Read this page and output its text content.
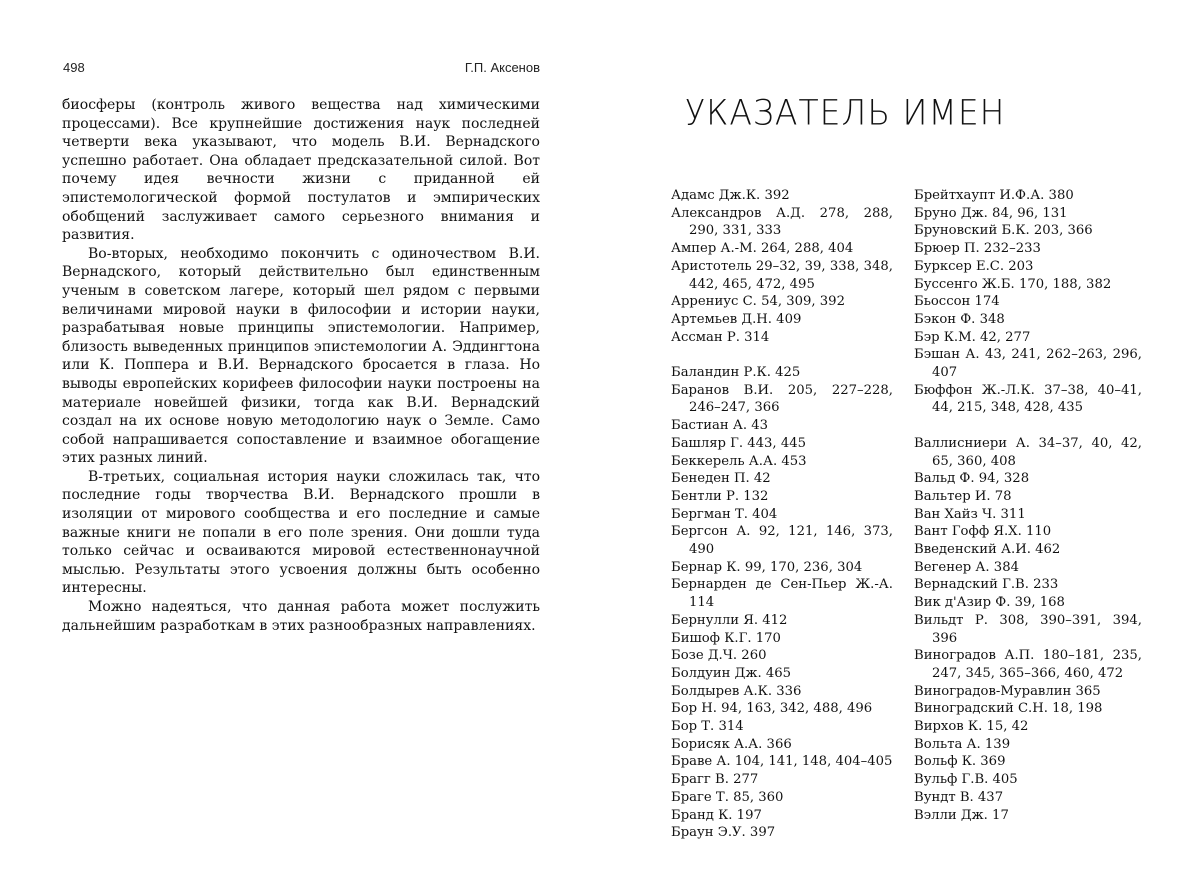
498	Г.П. Аксенов

биосферы (контроль живого вещества над химическими процессами). Все крупнейшие достижения наук последней четверти века указывают, что модель В.И. Вернадского успешно работает. Она обладает предсказательной силой. Вот почему идея вечности жизни с приданной ей эпистемологической формой постулатов и эмпирических обобщений заслуживает самого серьезного внимания и развития.

Во-вторых, необходимо покончить с одиночеством В.И. Вернадского, который действительно был единственным ученым в советском лагере, который шел рядом с первыми величинами мировой науки в философии и истории науки, разрабатывая новые принципы эпистемологии. Например, близость выведенных принципов эпистемологии А. Эддингтона или К. Поппера и В.И. Вернадского бросается в глаза. Но выводы европейских корифеев философии науки построены на материале новейшей физики, тогда как В.И. Вернадский создал на их основе новую методологию наук о Земле. Само собой напрашивается сопоставление и взаимное обогащение этих разных линий.

В-третьих, социальная история науки сложилась так, что последние годы творчества В.И. Вернадского прошли в изоляции от мирового сообщества и его последние и самые важные книги не попали в его поле зрения. Они дошли туда только сейчас и осваиваются мировой естественнонаучной мыслью. Результаты этого усвоения должны быть особенно интересны.

Можно надеяться, что данная работа может послужить дальнейшим разработкам в этих разнообразных направлениях.

УКАЗАТЕЛЬ ИМЕН
Адамс Дж.К. 392
Александров А.Д. 278, 288, 290, 331, 333
Ампер А.-М. 264, 288, 404
Аристотель 29–32, 39, 338, 348, 442, 465, 472, 495
Аррениус С. 54, 309, 392
Артемьев Д.Н. 409
Ассман Р. 314
Баландин Р.К. 425
Баранов В.И. 205, 227–228, 246–247, 366
Бастиан А. 43
Башляр Г. 443, 445
Беккерель А.А. 453
Бенеден П. 42
Бентли Р. 132
Бергман Т. 404
Бергсон А. 92, 121, 146, 373, 490
Бернар К. 99, 170, 236, 304
Бернарден де Сен-Пьер Ж.-А. 114
Бернулли Я. 412
Бишоф К.Г. 170
Бозе Д.Ч. 260
Болдуин Дж. 465
Болдырев А.К. 336
Бор Н. 94, 163, 342, 488, 496
Бор Т. 314
Борисяк А.А. 366
Браве А. 104, 141, 148, 404–405
Брагг В. 277
Браге Т. 85, 360
Бранд К. 197
Браун Э.У. 397
Брейтхаупт И.Ф.А. 380
Бруно Дж. 84, 96, 131
Бруновский Б.К. 203, 366
Брюер П. 232–233
Бурксер Е.С. 203
Буссенго Ж.Б. 170, 188, 382
Бьоссон 174
Бэкон Ф. 348
Бэр К.М. 42, 277
Бэшан А. 43, 241, 262–263, 296, 407
Бюффон Ж.-Л.К. 37–38, 40–41, 44, 215, 348, 428, 435
Валлисниери А. 34–37, 40, 42, 65, 360, 408
Вальд Ф. 94, 328
Вальтер И. 78
Ван Хайз Ч. 311
Вант Гофф Я.Х. 110
Введенский А.И. 462
Вегенер А. 384
Вернадский Г.В. 233
Вик д'Азир Ф. 39, 168
Вильдт Р. 308, 390–391, 394, 396
Виноградов А.П. 180–181, 235, 247, 345, 365–366, 460, 472
Виноградов-Муравлин 365
Виноградский С.Н. 18, 198
Вирхов К. 15, 42
Вольта А. 139
Вольф К. 369
Вульф Г.В. 405
Вундт В. 437
Вэлли Дж. 17
